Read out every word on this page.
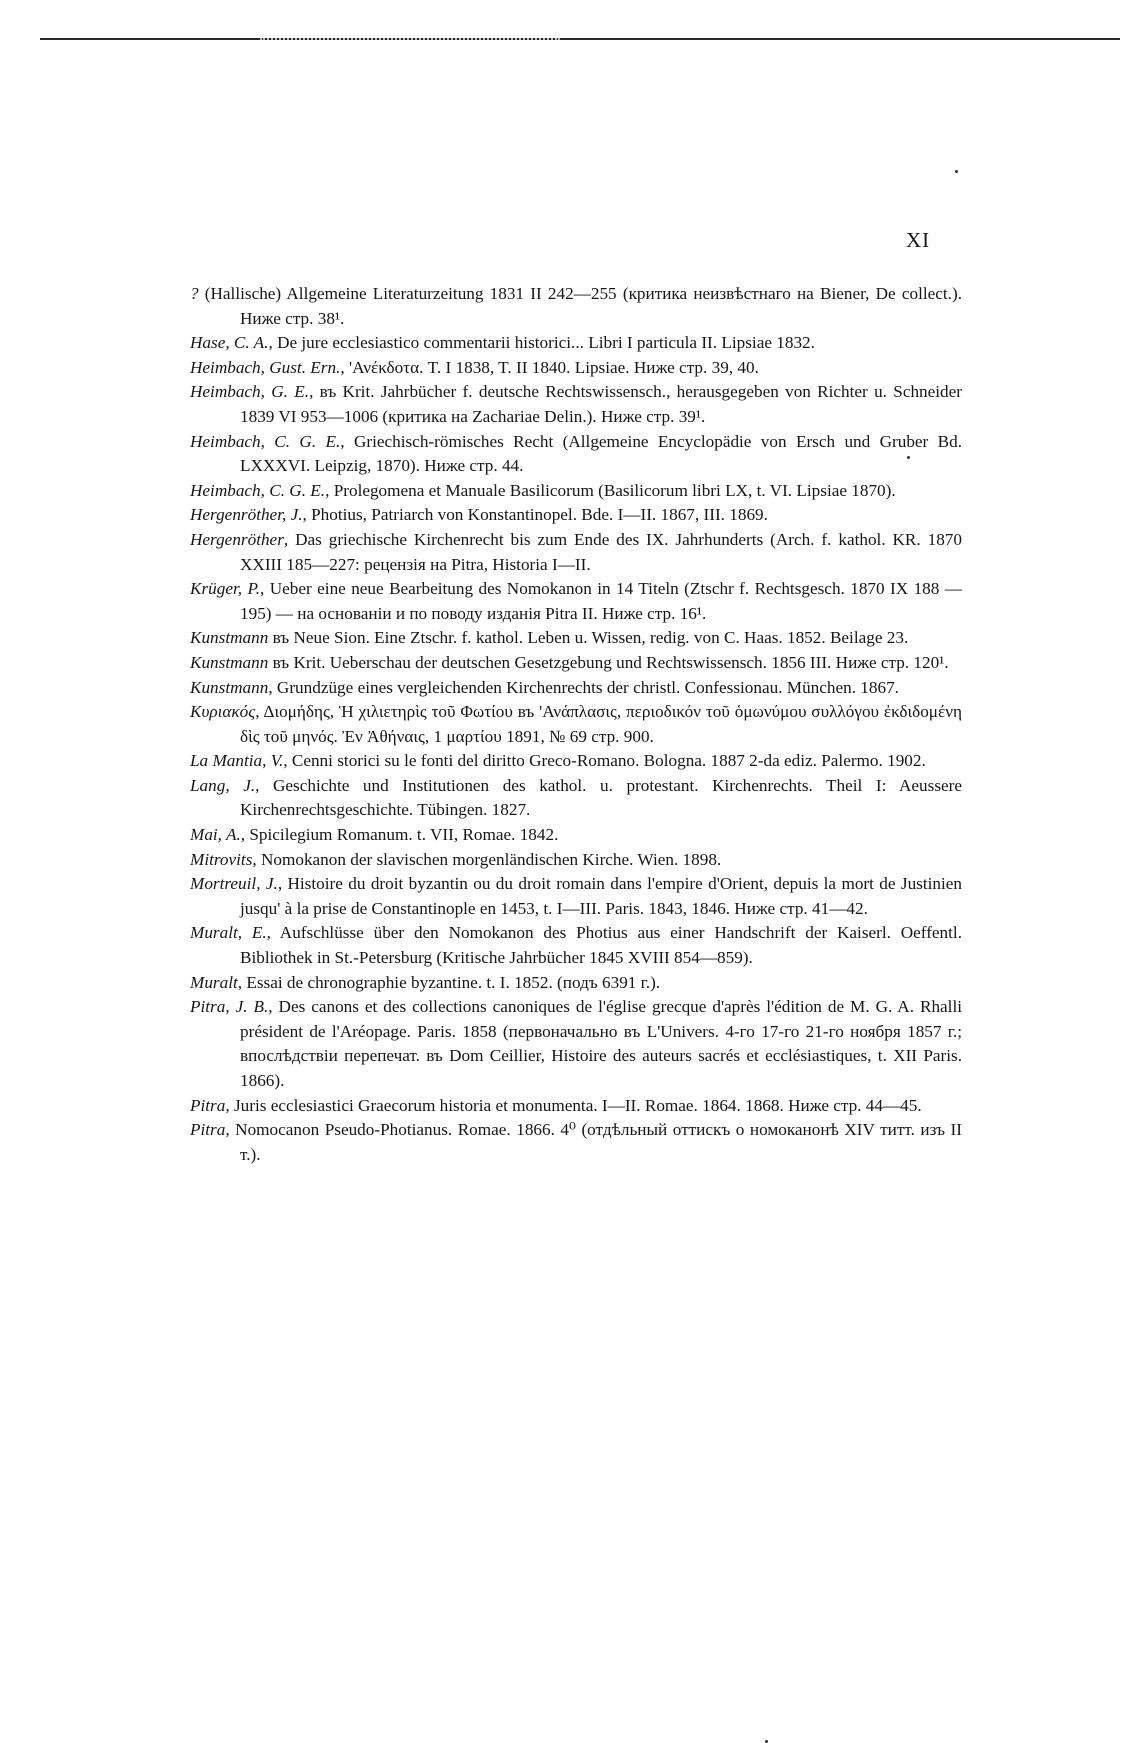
XI

? (Hallische) Allgemeine Literaturzeitung 1831 II 242—255 (критика неизвѣстнаго на Biener, De collect.). Ниже стр. 38¹.

Hase, C. A., De jure ecclesiastico commentarii historici... Libri I particula II. Lipsiae 1832.

Heimbach, Gust. Ern., 'Ανέκδοτα. T. I 1838, T. II 1840. Lipsiae. Ниже стр. 39, 40.

Heimbach, G. E., въ Krit. Jahrbücher f. deutsche Rechtswissensch., herausgegeben von Richter u. Schneider 1839 VI 953—1006 (критика на Zachariae Delin.). Ниже стр. 39¹.

Heimbach, C. G. E., Griechisch-römisches Recht (Allgemeine Encyclopädie von Ersch und Gruber Bd. LXXXVI. Leipzig, 1870). Ниже стр. 44.

Heimbach, C. G. E., Prolegomena et Manuale Basilicorum (Basilicorum libri LX, t. VI. Lipsiae 1870).

Hergenröther, J., Photius, Patriarch von Konstantinopel. Bde. I—II. 1867, III. 1869.

Hergenröther, Das griechische Kirchenrecht bis zum Ende des IX. Jahrhunderts (Arch. f. kathol. KR. 1870 XXIII 185—227: рецензія на Pitra, Historia I—II.

Krüger, P., Ueber eine neue Bearbeitung des Nomokanon in 14 Titeln (Ztschr f. Rechtsgesch. 1870 IX 188 — 195) — на основаніи и по поводу изданія Pitra II. Ниже стр. 16¹.

Kunstmann въ Neue Sion. Eine Ztschr. f. kathol. Leben u. Wissen, redig. von C. Haas. 1852. Beilage 23.

Kunstmann въ Krit. Ueberschau der deutschen Gesetzgebung und Rechtswissensch. 1856 III. Ниже стр. 120¹.

Kunstmann, Grundzüge eines vergleichenden Kirchenrechts der christl. Confessionau. München. 1867.

Κυριακός, Διομήδης, Ἡ χιλιετηρὶς τοῦ Φωτίου въ 'Ανάπλασις, περιοδικόν τοῦ ὁμωνύμου συλλόγου ἐκδιδομένη δὶς τοῦ μηνός. Ἐν Ἀθήναις, 1 μαρτίου 1891, № 69 стр. 900.

La Mantia, V., Cenni storici su le fonti del diritto Greco-Romano. Bologna. 1887 2-da ediz. Palermo. 1902.

Lang, J., Geschichte und Institutionen des kathol. u. protestant. Kirchenrechts. Theil I: Aeussere Kirchenrechtsgeschichte. Tübingen. 1827.

Mai, A., Spicilegium Romanum. t. VII, Romae. 1842.

Mitrovits, Nomokanon der slavischen morgenländischen Kirche. Wien. 1898.

Mortreuil, J., Histoire du droit byzantin ou du droit romain dans l'empire d'Orient, depuis la mort de Justinien jusqu' à la prise de Constantinople en 1453, t. I—III. Paris. 1843, 1846. Ниже стр. 41—42.

Muralt, E., Aufschlüsse über den Nomokanon des Photius aus einer Handschrift der Kaiserl. Oeffentl. Bibliothek in St.-Petersburg (Kritische Jahrbücher 1845 XVIII 854—859).

Muralt, Essai de chronographie byzantine. t. I. 1852. (подъ 6391 г.).

Pitra, J. B., Des canons et des collections canoniques de l'église grecque d'après l'édition de M. G. A. Rhalli président de l'Aréopage. Paris. 1858 (первоначально въ L'Univers. 4-го 17-го 21-го ноября 1857 г.; впослѣдствіи перепечат. въ Dom Ceillier, Histoire des auteurs sacrés et ecclésiastiques, t. XII Paris. 1866).

Pitra, Juris ecclesiastici Graecorum historia et monumenta. I—II. Romae. 1864. 1868. Ниже стр. 44—45.

Pitra, Nomocanon Pseudo-Photianus. Romae. 1866. 4⁰ (отдѣльный оттискъ о номоканонѣ XIV титт. изъ II т.).
